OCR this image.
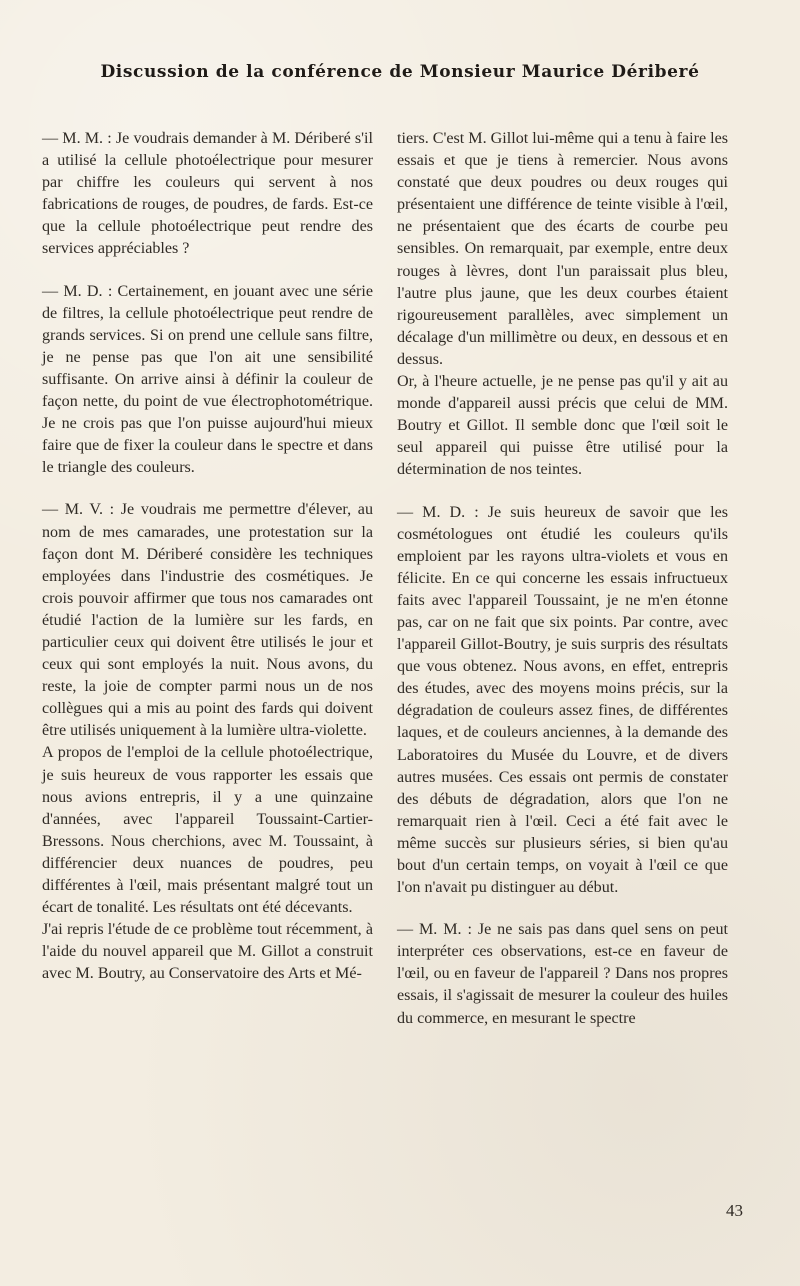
Discussion de la conférence de Monsieur Maurice Dériberé

— M. M. : Je voudrais demander à M. Dériberé s'il a utilisé la cellule photoélectrique pour mesurer par chiffre les couleurs qui servent à nos fabrications de rouges, de poudres, de fards. Est-ce que la cellule photoélectrique peut rendre des services appréciables ?

— M. D. : Certainement, en jouant avec une série de filtres, la cellule photoélectrique peut rendre de grands services. Si on prend une cellule sans filtre, je ne pense pas que l'on ait une sensibilité suffisante. On arrive ainsi à définir la couleur de façon nette, du point de vue électrophotométrique. Je ne crois pas que l'on puisse aujourd'hui mieux faire que de fixer la couleur dans le spectre et dans le triangle des couleurs.

— M. V. : Je voudrais me permettre d'élever, au nom de mes camarades, une protestation sur la façon dont M. Dériberé considère les techniques employées dans l'industrie des cosmétiques. Je crois pouvoir affirmer que tous nos camarades ont étudié l'action de la lumière sur les fards, en particulier ceux qui doivent être utilisés le jour et ceux qui sont employés la nuit. Nous avons, du reste, la joie de compter parmi nous un de nos collègues qui a mis au point des fards qui doivent être utilisés uniquement à la lumière ultra-violette.

A propos de l'emploi de la cellule photoélectrique, je suis heureux de vous rapporter les essais que nous avions entrepris, il y a une quinzaine d'années, avec l'appareil Toussaint-Cartier-Bressons. Nous cherchions, avec M. Toussaint, à différencier deux nuances de poudres, peu différentes à l'œil, mais présentant malgré tout un écart de tonalité. Les résultats ont été décevants.

J'ai repris l'étude de ce problème tout récemment, à l'aide du nouvel appareil que M. Gillot a construit avec M. Boutry, au Conservatoire des Arts et Mé-

tiers. C'est M. Gillot lui-même qui a tenu à faire les essais et que je tiens à remercier. Nous avons constaté que deux poudres ou deux rouges qui présentaient une différence de teinte visible à l'œil, ne présentaient que des écarts de courbe peu sensibles. On remarquait, par exemple, entre deux rouges à lèvres, dont l'un paraissait plus bleu, l'autre plus jaune, que les deux courbes étaient rigoureusement parallèles, avec simplement un décalage d'un millimètre ou deux, en dessous et en dessus.

Or, à l'heure actuelle, je ne pense pas qu'il y ait au monde d'appareil aussi précis que celui de MM. Boutry et Gillot. Il semble donc que l'œil soit le seul appareil qui puisse être utilisé pour la détermination de nos teintes.

— M. D. : Je suis heureux de savoir que les cosmétologues ont étudié les couleurs qu'ils emploient par les rayons ultra-violets et vous en félicite. En ce qui concerne les essais infructueux faits avec l'appareil Toussaint, je ne m'en étonne pas, car on ne fait que six points. Par contre, avec l'appareil Gillot-Boutry, je suis surpris des résultats que vous obtenez. Nous avons, en effet, entrepris des études, avec des moyens moins précis, sur la dégradation de couleurs assez fines, de différentes laques, et de couleurs anciennes, à la demande des Laboratoires du Musée du Louvre, et de divers autres musées. Ces essais ont permis de constater des débuts de dégradation, alors que l'on ne remarquait rien à l'œil. Ceci a été fait avec le même succès sur plusieurs séries, si bien qu'au bout d'un certain temps, on voyait à l'œil ce que l'on n'avait pu distinguer au début.

— M. M. : Je ne sais pas dans quel sens on peut interpréter ces observations, est-ce en faveur de l'œil, ou en faveur de l'appareil ? Dans nos propres essais, il s'agissait de mesurer la couleur des huiles du commerce, en mesurant le spectre

43
